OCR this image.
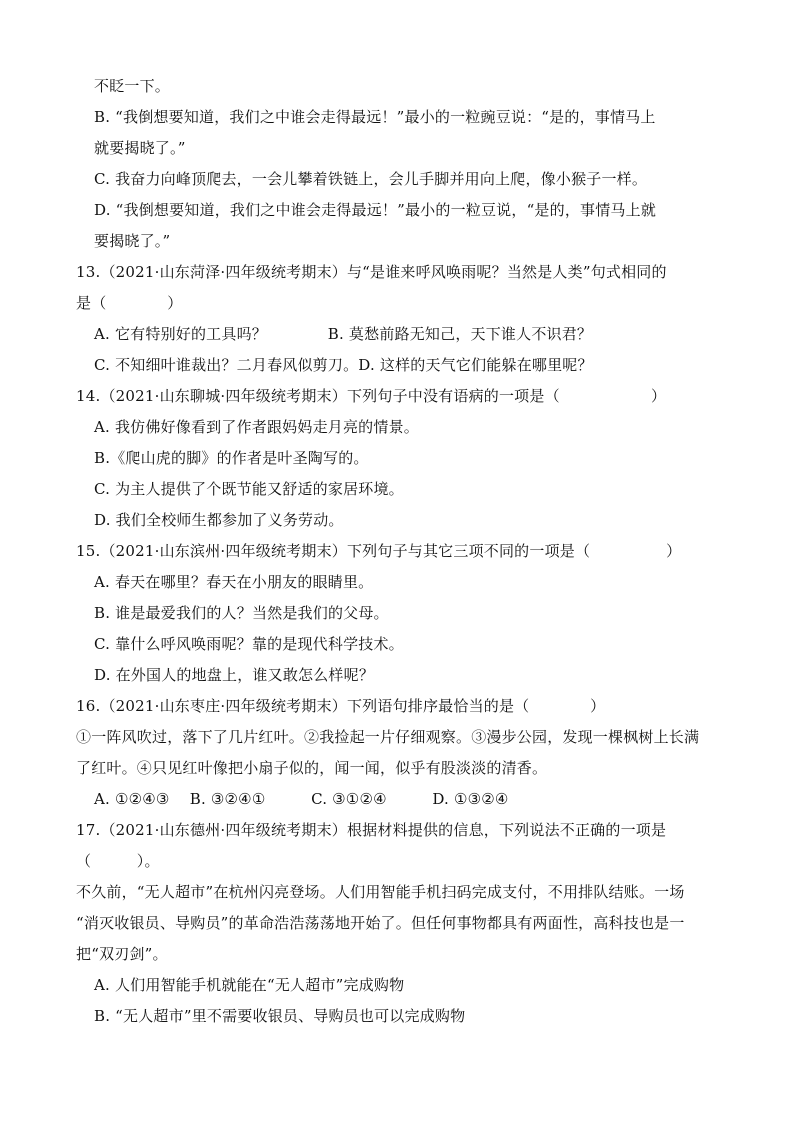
不眨一下。
B. “我倒想要知道，我们之中谁会走得最远！”最小的一粒豌豆说：“是的，事情马上
就要揭晓了。”
C. 我奋力向峰顶爬去，一会儿攀着铁链上，会儿手脚并用向上爬，像小猴子一样。
D. “我倒想要知道，我们之中谁会走得最远！”最小的一粒豆说，“是的，事情马上就
要揭晓了。”
13.（2021·山东菏泽·四年级统考期末）与“是谁来呼风唤雨呢？当然是人类”句式相同的
是（　　　　）
A. 它有特别好的工具吗？　　　　B. 莫愁前路无知己，天下谁人不识君？
C. 不知细叶谁裁出？二月春风似剪刀。D. 这样的天气它们能躲在哪里呢？
14.（2021·山东聊城·四年级统考期末）下列句子中没有语病的一项是（　　　　　　）
A. 我仿佛好像看到了作者跟妈妈走月亮的情景。
B.《爬山虎的脚》的作者是叶圣陶写的。
C. 为主人提供了个既节能又舒适的家居环境。
D. 我们全校师生都参加了义务劳动。
15.（2021·山东滨州·四年级统考期末）下列句子与其它三项不同的一项是（　　　　　）
A. 春天在哪里？春天在小朋友的眼睛里。
B. 谁是最爱我们的人？当然是我们的父母。
C. 靠什么呼风唤雨呢？靠的是现代科学技术。
D. 在外国人的地盘上，谁又敢怎么样呢？
16.（2021·山东枣庄·四年级统考期末）下列语句排序最恰当的是（　　　　）
①一阵风吹过，落下了几片红叶。②我捡起一片仔细观察。③漫步公园，发现一棵枫树上长满
了红叶。④只见红叶像把小扇子似的，闻一闻，似乎有股淡淡的清香。
A. ①②④③　 B. ③②④①　　　C. ③①②④　　　D. ①③②④
17.（2021·山东德州·四年级统考期末）根据材料提供的信息，下列说法不正确的一项是
（　　　）。
不久前，“无人超市”在杭州闪亮登场。人们用智能手机扫码完成支付，不用排队结账。一场
“消灭收银员、导购员”的革命浩浩荡荡地开始了。但任何事物都具有两面性，高科技也是一
把“双刃剑”。
A. 人们用智能手机就能在“无人超市”完成购物
B. “无人超市”里不需要收银员、导购员也可以完成购物
